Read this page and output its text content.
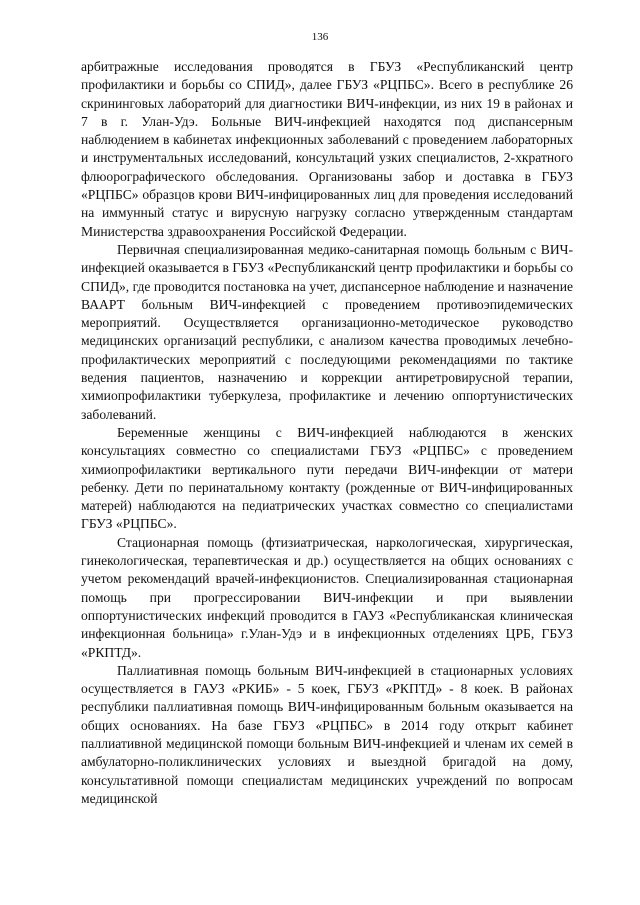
136

арбитражные исследования проводятся в ГБУЗ «Республиканский центр профилактики и борьбы со СПИД», далее ГБУЗ «РЦПБС». Всего в республике 26 скрининговых лабораторий для диагностики ВИЧ-инфекции, из них 19 в районах и 7 в г. Улан-Удэ. Больные ВИЧ-инфекцией находятся под диспансерным наблюдением в кабинетах инфекционных заболеваний с проведением лабораторных и инструментальных исследований, консультаций узких специалистов, 2-хкратного флюорографического обследования. Организованы забор и доставка в ГБУЗ «РЦПБС» образцов крови ВИЧ-инфицированных лиц для проведения исследований на иммунный статус и вирусную нагрузку согласно утвержденным стандартам Министерства здравоохранения Российской Федерации.

Первичная специализированная медико-санитарная помощь больным с ВИЧ-инфекцией оказывается в ГБУЗ «Республиканский центр профилактики и борьбы со СПИД», где проводится постановка на учет, диспансерное наблюдение и назначение ВААРТ больным ВИЧ-инфекцией с проведением противоэпидемических мероприятий. Осуществляется организационно-методическое руководство медицинских организаций республики, с анализом качества проводимых лечебно-профилактических мероприятий с последующими рекомендациями по тактике ведения пациентов, назначению и коррекции антиретровирусной терапии, химиопрофилактики туберкулеза, профилактике и лечению оппортунистических заболеваний.

Беременные женщины с ВИЧ-инфекцией наблюдаются в женских консультациях совместно со специалистами ГБУЗ «РЦПБС» с проведением химиопрофилактики вертикального пути передачи ВИЧ-инфекции от матери ребенку. Дети по перинатальному контакту (рожденные от ВИЧ-инфицированных матерей) наблюдаются на педиатрических участках совместно со специалистами ГБУЗ «РЦПБС».

Стационарная помощь (фтизиатрическая, наркологическая, хирургическая, гинекологическая, терапевтическая и др.) осуществляется на общих основаниях с учетом рекомендаций врачей-инфекционистов. Специализированная стационарная помощь при прогрессировании ВИЧ-инфекции и при выявлении оппортунистических инфекций проводится в ГАУЗ «Республиканская клиническая инфекционная больница» г.Улан-Удэ и в инфекционных отделениях ЦРБ, ГБУЗ «РКПТД».

Паллиативная помощь больным ВИЧ-инфекцией в стационарных условиях осуществляется в ГАУЗ «РКИБ» - 5 коек, ГБУЗ «РКПТД» - 8 коек. В районах республики паллиативная помощь ВИЧ-инфицированным больным оказывается на общих основаниях. На базе ГБУЗ «РЦПБС» в 2014 году открыт кабинет паллиативной медицинской помощи больным ВИЧ-инфекцией и членам их семей в амбулаторно-поликлинических условиях и выездной бригадой на дому, консультативной помощи специалистам медицинских учреждений по вопросам медицинской
